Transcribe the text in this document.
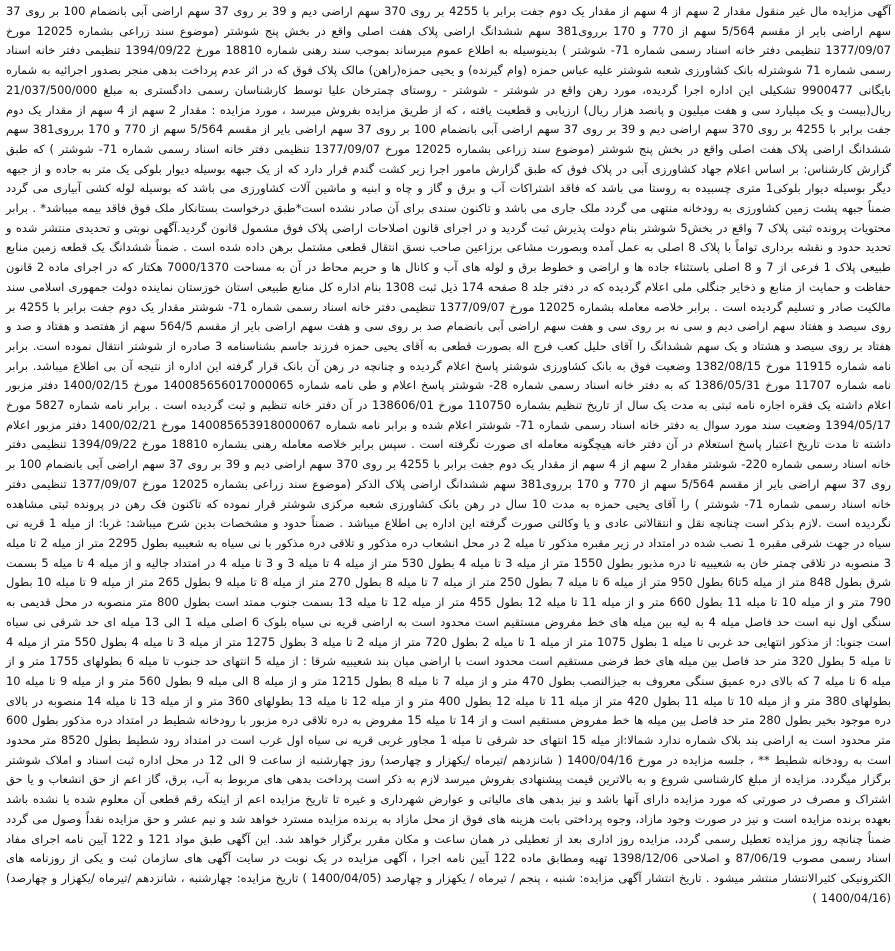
آگهی مزایده مال غیر منقول مقدار 2 سهم از 4 سهم از مقدار یک دوم جفت برابر با 4255 بر روی 370 سهم اراضی دیم و 39 بر روی 37 سهم اراضی آبی بانضمام 100 بر روی 37 سهم اراضی بایر از مقسم 5/564 سهم از 770 و 170 برروی381 سهم ششدانگ اراضی پلاک هفت اصلی واقع در بخش پنج شوشتر (موضوع سند زراعی بشماره 12025 مورخ 1377/09/07 تنظیمی دفتر خانه اسناد رسمی شماره 71- شوشتر ) بدینوسیله به اطلاع عموم میرساند بموجب سند رهنی شماره 18810 مورخ 1394/09/22 تنظیمی دفتر خانه اسناد رسمی شماره 71 شوشترله بانک کشاورزی شعبه شوشتر علیه عباس حمزه (وام گیرنده) و یحیی حمزه(راهن) مالک پلاک فوق که در اثر عدم پرداخت بدهی منجر بصدور اجرائیه به شماره بایگانی 9900477 تشکیلی این اداره اجرا گردیده، مورد رهن واقع در شوشتر - شوشتر - روستای چمترخان علیا توسط کارشناسان رسمی دادگستری به مبلغ 21/037/500/000 ریال(بیست و یک میلیارد سی و هفت میلیون و پانصد هزار ریال) ارزیابی و قطعیت یافته ، که از طریق مزایده بفروش میرسد ، مورد مزایده : مقدار 2 سهم از 4 سهم از مقدار یک دوم جفت برابر با 4255 بر روی 370 سهم اراضی دیم و 39 بر روی 37 سهم اراضی آبی بانضمام 100 بر روی 37 سهم اراضی بایر از مقسم 5/564 سهم از 770 و 170 برروی381 سهم ششدانگ اراضی پلاک هفت اصلی واقع در بخش پنج شوشتر (موضوع سند زراعی بشماره 12025 مورخ 1377/09/07 تنظیمی دفتر خانه اسناد رسمی شماره 71- شوشتر ) که طبق گزارش کارشناس: بر اساس اعلام جهاد کشاورزی آبی در پلاک فوق که طبق گزارش مامور اجرا زیر کشت گندم قرار دارد که از یک جبهه بوسیله دیوار بلوکی یک متر به جاده و از جبهه دیگر بوسیله دیوار بلوکی1 متری چسبیده به روستا می باشد که فاقد اشتراکات آب و برق و گاز و چاه و ابنیه و ماشین آلات کشاورزی می باشد که بوسیله لوله کشی آبیاری می گردد ضمناً جبهه پشت زمین کشاورزی به رودخانه منتهی می گردد ملک جاری می باشد و تاکنون سندی برای آن صادر نشده است*طبق درخواست بستانکار ملک فوق فاقد بیمه میباشد* . برابر محتویات پرونده ثبتی پلاک 7 واقع در بخش5 شوشتر بنام دولت پذیرش ثبت گردید و در اجرای قانون اصلاحات اراضی پلاک فوق مشمول قانون گردید.آگهی نوبتی و تحدیدی منتشر شده و تحدید حدود و نقشه برداری تواماً با پلاک 8 اصلی به عمل آمده وبصورت مشاعی برزاعین صاحب نسق انتقال قطعی مشتمل برهن داده شده است . ضمناً ششدانگ یک قطعه زمین منابع طبیعی پلاک 1 فرعی از 7 و 8 اصلی باستثناء جاده ها و اراضی و خطوط برق و لوله های آب و کانال ها و حریم محاط در آن به مساحت 7000/1370 هکتار که در اجرای ماده 2 قانون حفاظت و حمایت از منابع و ذخایر جنگلی ملی اعلام گردیده که در دفتر جلد 8 صفحه 174 ذیل ثبت 1308 بنام اداره کل منابع طبیعی استان خوزستان نماینده دولت جمهوری اسلامی سند مالکیت صادر و تسلیم گردیده است . برابر خلاصه معامله بشماره 12025 مورخ 1377/09/07 تنظیمی دفتر خانه اسناد رسمی شماره 71- شوشتر مقدار یک دوم جفت برابر با 4255 بر روی سیصد و هفتاد سهم اراضی دیم و سی نه بر روی سی و هفت سهم اراضی آبی بانضمام صد بر روی سی و هفت سهم اراضی بایر از مقسم 564/5 سهم از هفتصد و هفتاد و صد و هفتاد بر روی سیصد و هشتاد و یک سهم ششدانگ را آقای حلیل کعب فرج اله بصورت قطعی به آقای یحیی حمزه فرزند جاسم بشناسنامه 3 صادره از شوشتر انتقال نموده است. برابر نامه شماره 11915 مورخ 1382/08/15 وضعیت فوق به بانک کشاورزی شوشتر پاسخ اعلام گردیده و چنانچه در رهن آن بانک قرار گرفته این اداره از نتیجه آن بی اطلاع میباشد. برابر نامه شماره 11707 مورخ 1386/05/31 که به دفتر خانه اسناد رسمی شماره 28- شوشتر پاسخ اعلام و طی نامه شماره 140085656017000065 مورخ 1400/02/15 دفتر مزبور اعلام داشته یک فقره اجاره نامه ثبتی به مدت یک سال از تاریخ تنظیم بشماره 110750 مورخ 138606/01 در آن دفتر خانه تنظیم و ثبت گردیده است . برابر نامه شماره 5827 مورخ 1394/05/17 وضعیت سند مورد سوال به دفتر خانه اسناد رسمی شماره 71- شوشتر اعلام شده و برابر نامه شماره 140085653918000067 مورخ 1400/02/21 دفتر مزبور اعلام داشته تا مدت تاریخ اعتبار پاسخ استعلام در آن دفتر خانه هیچگونه معامله ای صورت نگرفته است . سپس برابر خلاصه معامله رهنی بشماره 18810 مورخ 1394/09/22 تنظیمی دفتر خانه اسناد رسمی شماره 220- شوشتر مقدار 2 سهم از 4 سهم از مقدار یک دوم جفت برابر با 4255 بر روی 370 سهم اراضی دیم و 39 بر روی 37 سهم اراضی آبی بانضمام 100 بر روی 37 سهم اراضی بایر از مقسم 5/564 سهم از 770 و 170 برروی381 سهم ششدانگ اراضی پلاک الذکر (موضوع سند زراعی بشماره 12025 مورخ 1377/09/07 تنظیمی دفتر خانه اسناد رسمی شماره 71- شوشتر ) را آقای یحیی حمزه به مدت 10 سال در رهن بانک کشاورزی شعبه مرکزی شوشتر قرار نموده که تاکنون فک رهن در پرونده ثبتی مشاهده نگردیده است .لازم بذکر است چنانچه نقل و انتقالاتی عادی و یا وکالتی صورت گرفته این اداره بی اطلاع میباشد . ضمناً حدود و مشخصات بدین شرح میباشد: غربا: از میله 1 قریه نی سیاه در جهت شرقی مقبره 1 نصب شده در امتداد در زیر مقبره مذکور تا میله 2 در محل انشعاب دره مذکور و تلاقی دره مذکور با نی سیاه به شعیبیه بطول 2295 متر از میله 2 تا میله 3 منصوبه در تلاقی چمتر خان به شعیبیه تا دره مذبور بطول 1550 متر از میله 3 تا میله 4 بطول 530 متر از میله 4 تا میله 3 و 3 تا میله 4 در امتداد جالیه و از میله 4 تا میله 5 بسمت شرق بطول 848 متر از میله 5تا6 بطول 950 متر از میله 6 تا میله 7 بطول 250 متر از میله 7 تا میله 8 بطول 270 متر از میله 8 تا میله 9 بطول 265 متر از میله 9 تا میله 10 بطول 790 متر و از میله 10 تا میله 11 بطول 660 متر و از میله 11 تا میله 12 بطول 455 متر از میله 12 تا میله 13 بسمت جنوب ممتد است بطول 800 متر منصوبه در محل قدیمی به سنگی اول نیه است حد فاصل میله 4 به لیه بین میله های خط مفروض مستقیم است محدود است به اراضی قریه نی سیاه بلوک 6 اصلی میله 1 الی 13 میله ای حد شرقی نی سیاه است جنوبا: از مذکور انتهایی حد غربی تا میله 1 بطول 1075 متر از میله 1 تا میله 2 بطول 720 متر از میله 2 تا میله 3 بطول 1275 متر از میله 3 تا میله 4 بطول 550 متر از میله 4 تا میله 5 بطول 320 متر حد فاصل بین میله های خط فرضی مستقیم است محدود است با اراضی میان بند شعیبیه شرقا : از میله 5 انتهای حد جنوب تا میله 6 بطولهای 1755 متر و از میله 6 تا میله 7 که بالای دره عمیق سنگی معروف به جیزالنصب بطول 470 متر و از میله 7 تا میله 8 بطول 1215 متر و از میله 8 الی میله 9 بطول 560 متر و از میله 9 تا میله 10 بطولهای 380 متر و از میله 10 تا میله 11 بطول 420 متر از میله 11 تا میله 12 بطول 400 متر و از میله 12 تا میله 13 بطولهای 360 متر و از میله 13 تا میله 14 منصوبه در بالای دره موجود بخیر بطول 280 متر حد فاصل بین میله ها خط مفروض مستقیم است و از 14 تا میله 15 مفروض به دره تلاقی دره مزبور با رودخانه شطیط در امتداد دره مذکور بطول 600 متر محدود است به اراضی بند بلاک شماره ندارد شمالا:از میله 15 انتهای حد شرقی تا میله 1 مجاور غربی قریه نی سیاه اول غرب است در امتداد رود شطیط بطول 8520 متر محدود است به رودخانه شطیط ** ، جلسه مزایده در مورخ 1400/04/16 ( شانزدهم /تیرماه /یکهزار و چهارصد) روز چهارشنبه از ساعت 9 الی 12 در محل اداره ثبت اسناد و املاک شوشتر برگزار میگردد. مزایده از مبلغ کارشناسی شروع و به بالاترین قیمت پیشنهادی بفروش میرسد لازم به ذکر است پرداخت بدهی های مربوط به آب، برق، گاز اعم از حق انشعاب و یا حق اشتراک و مصرف در صورتی که مورد مزایده دارای آنها باشد و نیز بدهی های مالیاتی و عوارض شهرداری و غیره تا تاریخ مزایده اعم از اینکه رقم قطعی آن معلوم شده یا نشده باشد بعهده برنده مزایده است و نیز در صورت وجود مازاد، وجوه پرداختی بابت هزینه های فوق از محل مازاد به برنده مزایده مسترد خواهد شد و نیم عشر و حق مزایده نقداً وصول می گردد ضمناً چنانچه روز مزایده تعطیل رسمی گردد، مزایده روز اداری بعد از تعطیلی در همان ساعت و مکان مقرر برگزار خواهد شد. این آگهی طبق مواد 121 و 122 آیین نامه اجرای مفاد اسناد رسمی مصوب 87/06/19 و اصلاحی 1398/12/06 تهیه ومطابق ماده 122 آیین نامه اجرا ، آگهی مزایده در یک نوبت در سایت آگهی های سازمان ثبت و یکی از روزنامه های الکترونیکی کثیرالانتشار منتشر میشود . تاریخ انتشار آگهی مزایده: شنبه ، پنجم / تیرماه / یکهزار و چهارصد (1400/04/05 ) تاریخ مزایده: چهارشنبه ، شانزدهم /تیرماه /یکهزار و چهارصد) (1400/04/16 )
